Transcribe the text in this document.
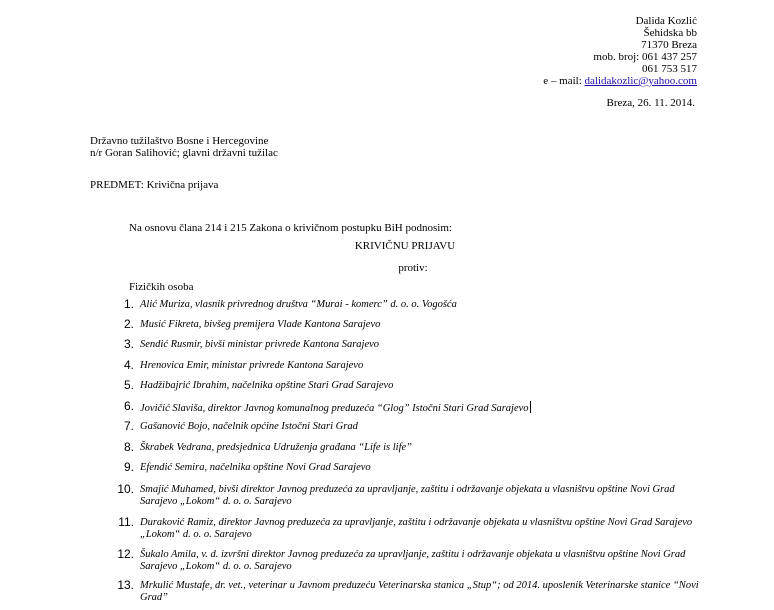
Dalida Kozlić
Šehidska bb
71370 Breza
mob. broj: 061 437 257
061 753 517
e – mail: dalidakozlic@yahoo.com
Breza, 26. 11. 2014.
Državno tužilaštvo Bosne i Hercegovine
n/r Goran Salihović; glavni državni tužilac
PREDMET: Krivična prijava
Na osnovu člana 214 i 215 Zakona o krivičnom postupku BiH podnosim:
KRIVIČNU PRIJAVU
protiv:
Fizičkih osoba
1. Alić Muriza, vlasnik privrednog društva “Murai - komerc” d. o. o. Vogošća
2. Musić Fikreta, bivšeg premijera Vlade Kantona Sarajevo
3. Sendić Rusmir, bivši ministar privrede Kantona Sarajevo
4. Hrenovica Emir, ministar privrede Kantona Sarajevo
5. Hadžibajrić Ibrahim, načelnika opštine Stari Grad Sarajevo
6. Jovičić Slaviša, direktor Javnog komunalnog preduzeća “Glog” Istočni Stari Grad Sarajevo
7. Gašanović Bojo, načelnik općine Istočni Stari Grad
8. Škrabek Vedrana, predsjednica Udruženja građana “Life is life”
9. Efendić Semira, načelnika opštine Novi Grad Sarajevo
10. Smajić Muhamed, bivši direktor Javnog preduzeća za upravljanje, zaštitu i održavanje objekata u vlasništvu opštine Novi Grad Sarajevo „Lokom“ d. o. o. Sarajevo
11. Duraković Ramiz, direktor Javnog preduzeća za upravljanje, zaštitu i održavanje objekata u vlasništvu opštine Novi Grad Sarajevo „Lokom“ d. o. o. Sarajevo
12. Šukalo Amila, v. d. izvršni direktor Javnog preduzeća za upravljanje, zaštitu i održavanje objekata u vlasništvu opštine Novi Grad Sarajevo „Lokom“ d. o. o. Sarajevo
13. Mrkulić Mustafe, dr. vet., veterinar u Javnom preduzeću Veterinarska stanica „Stup“; od 2014. uposlenik Veterinarske stanice “Novi Grad”
